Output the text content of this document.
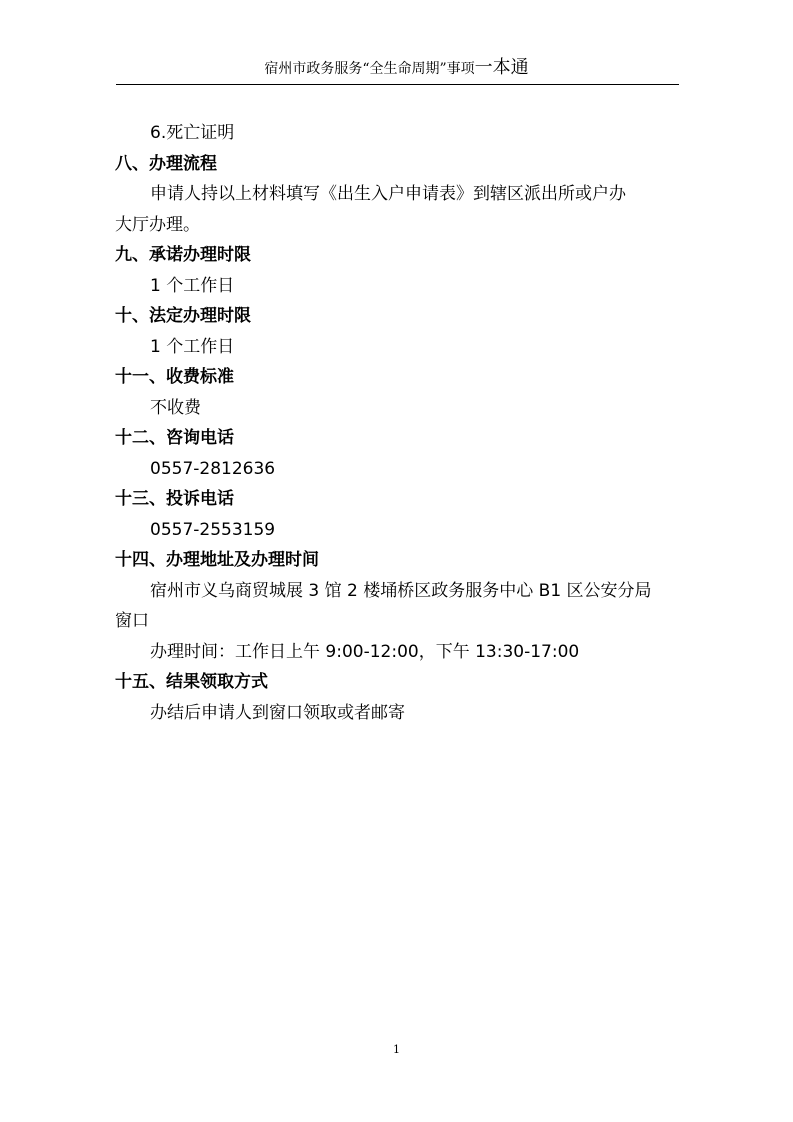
宿州市政务服务“全生命周期”事项一本通
6.死亡证明
八、办理流程
申请人持以上材料填写《出生入户申请表》到辖区派出所或户办
大厅办理。
九、承诺办理时限
1 个工作日
十、法定办理时限
1 个工作日
十一、收费标准
不收费
十二、咨询电话
0557-2812636
十三、投诉电话
0557-2553159
十四、办理地址及办理时间
宿州市义乌商贸城展 3 馆 2 楼埇桥区政务服务中心 B1 区公安分局
窗口
办理时间：工作日上午 9:00-12:00，下午 13:30-17:00
十五、结果领取方式
办结后申请人到窗口领取或者邮寄
1
